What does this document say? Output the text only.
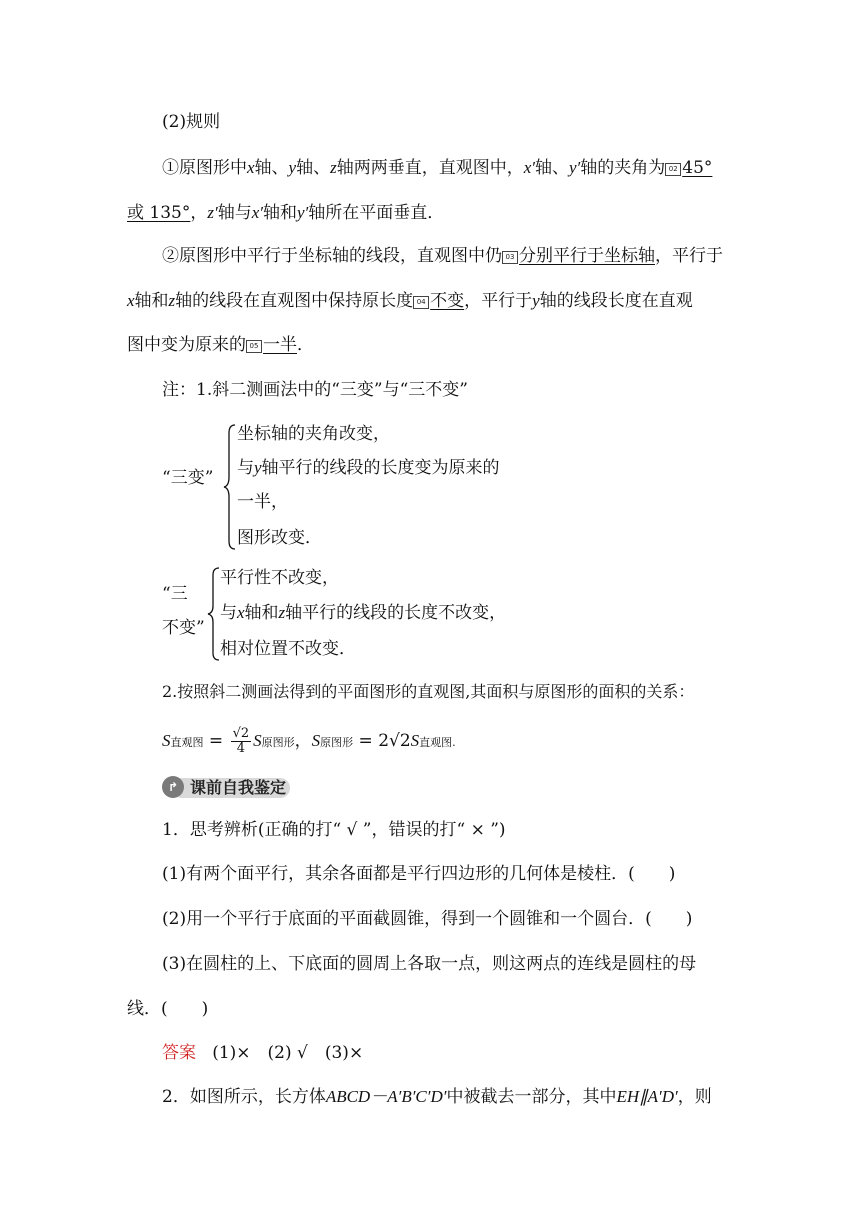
(2)规则
①原图形中x轴、y轴、z轴两两垂直，直观图中，x′轴、y′轴的夹角为 02 45°
或 135°，z′轴与x′轴和y′轴所在平面垂直．
②原图形中平行于坐标轴的线段，直观图中仍 03 分别平行于坐标轴，平行于
x轴和z轴的线段在直观图中保持原长度 04 不变，平行于y轴的线段长度在直观
图中变为原来的 05 一半．
注：1.斜二测画法中的“三变”与“三不变”
“三变”
坐标轴的夹角改变，
与y轴平行的线段的长度变为原来的
一半，
图形改变．
“三
不变”
平行性不改变，
与x轴和z轴平行的线段的长度不改变，
相对位置不改变．
2.按照斜二测画法得到的平面图形的直观图,其面积与原图形的面积的关系：
S直观图 = $\frac{√2}{4}$ S原图形，S原图形 = 2√2S直观图.
↱ 课前自我鉴定
1．思考辨析(正确的打“ √ ”，错误的打“ × ”)
(1)有两个面平行，其余各面都是平行四边形的几何体是棱柱．(　　)
(2)用一个平行于底面的平面截圆锥，得到一个圆锥和一个圆台．(　　)
(3)在圆柱的上、下底面的圆周上各取一点，则这两点的连线是圆柱的母
线．(　　)
答案 (1)×　(2) √　(3)×
2．如图所示，长方体ABCD－A′B′C′D′中被截去一部分，其中EH∥A′D′，则
